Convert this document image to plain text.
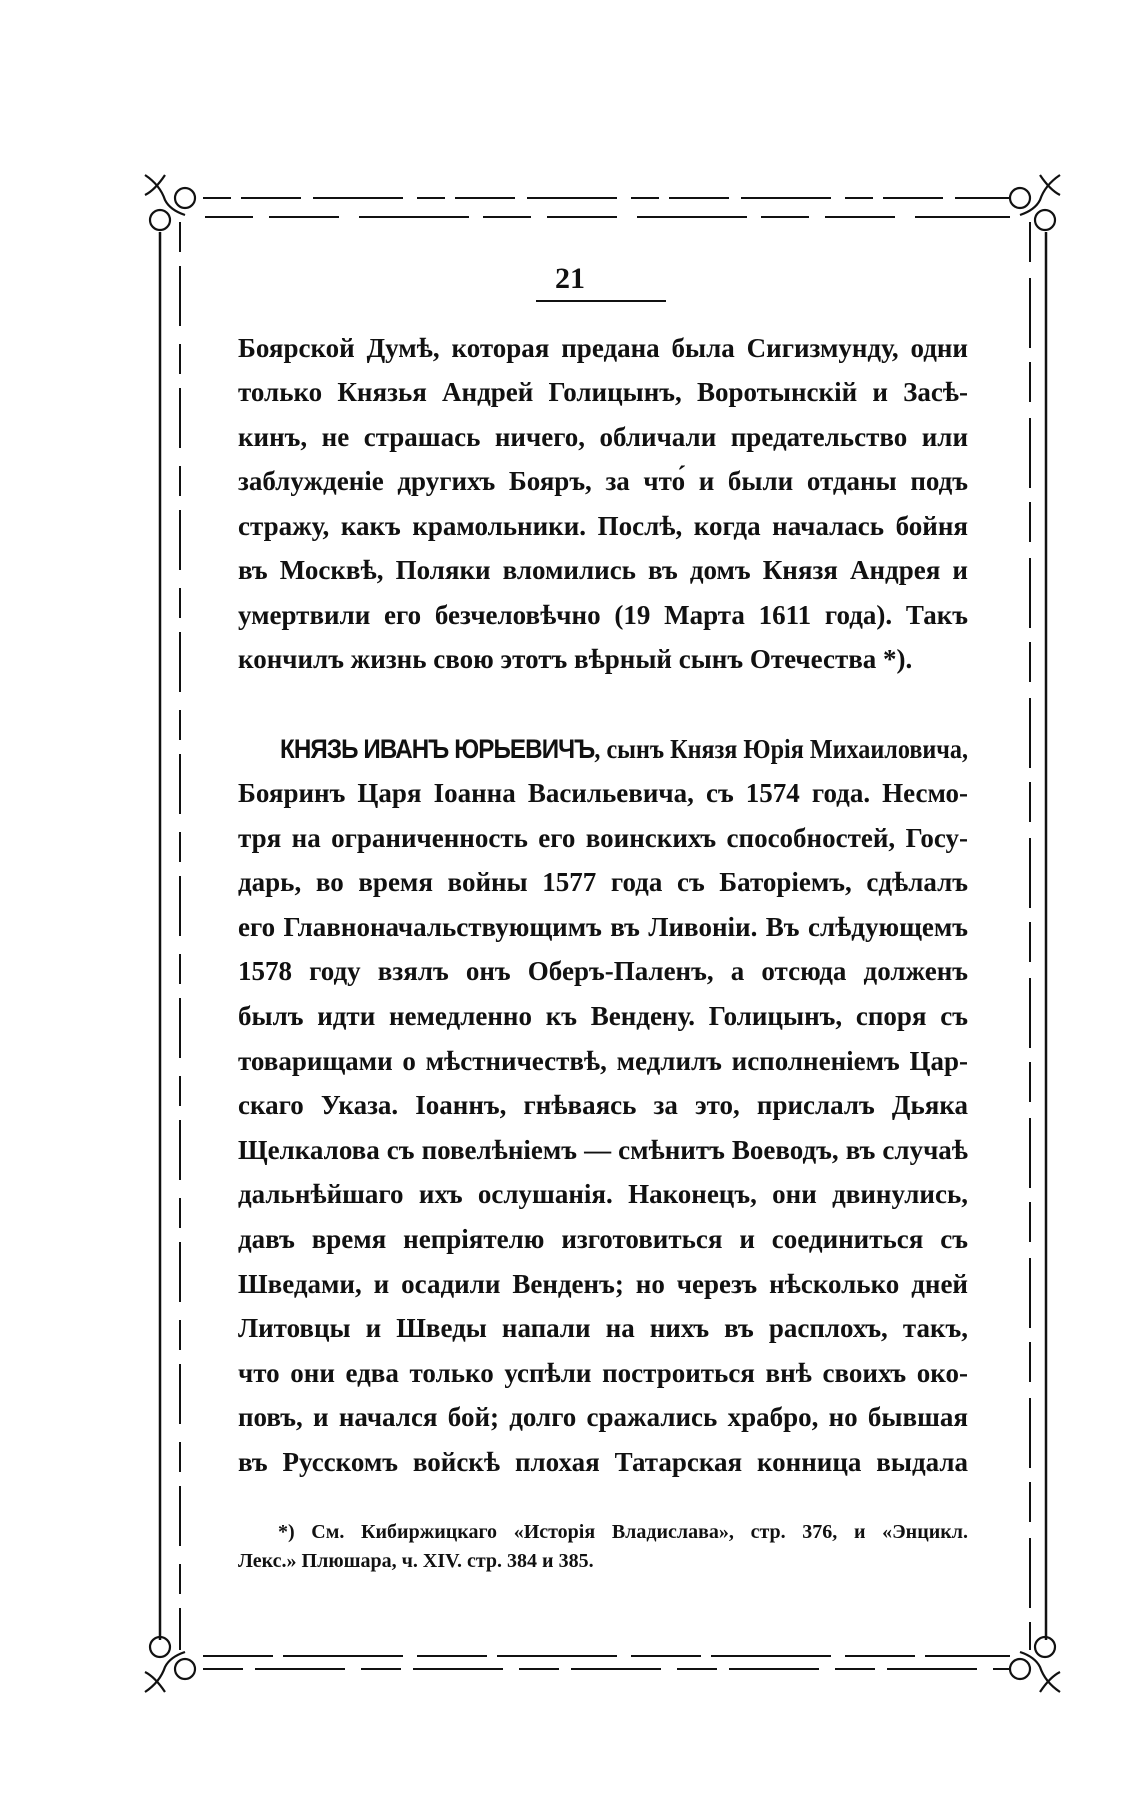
21
Боярской Думѣ, которая предана была Сигизмунду, одни
только Князья Андрей Голицынъ, Воротынскій и Засѣ-
кинъ, не страшась ничего, обличали предательство или
заблужденіе другихъ Бояръ, за что́ и были отданы подъ
стражу, какъ крамольники. Послѣ, когда началась бойня
въ Москвѣ, Поляки вломились въ домъ Князя Андрея и
умертвили его безчеловѣчно (19 Марта 1611 года). Такъ
кончилъ жизнь свою этотъ вѣрный сынъ Отечества *).
КНЯЗЬ ИВАНЪ ЮРЬЕВИЧЪ, сынъ Князя Юрія Михаиловича,
Бояринъ Царя Іоанна Васильевича, съ 1574 года. Несмо-
тря на ограниченность его воинскихъ способностей, Госу-
дарь, во время войны 1577 года съ Баторіемъ, сдѣлалъ
его Главноначальствующимъ въ Ливоніи. Въ слѣдующемъ
1578 году взялъ онъ Оберъ-Паленъ, а отсюда долженъ
былъ идти немедленно къ Вендену. Голицынъ, споря съ
товарищами о мѣстничествѣ, медлилъ исполненіемъ Цар-
скаго Указа. Іоаннъ, гнѣваясь за это, прислалъ Дьяка
Щелкалова съ повелѣніемъ — смѣнитъ Воеводъ, въ случаѣ
дальнѣйшаго ихъ ослушанія. Наконецъ, они двинулись,
давъ время непріятелю изготовиться и соединиться съ
Шведами, и осадили Венденъ; но черезъ нѣсколько дней
Литовцы и Шведы напали на нихъ въ расплохъ, такъ,
что они едва только успѣли построиться внѣ своихъ око-
повъ, и начался бой; долго сражались храбро, но бывшая
въ Русскомъ войскѣ плохая Татарская конница выдала
*) См. Кибиржицкаго «Исторія Владислава», стр. 376, и «Энцикл.
Лекс.» Плюшара, ч. XIV. стр. 384 и 385.
